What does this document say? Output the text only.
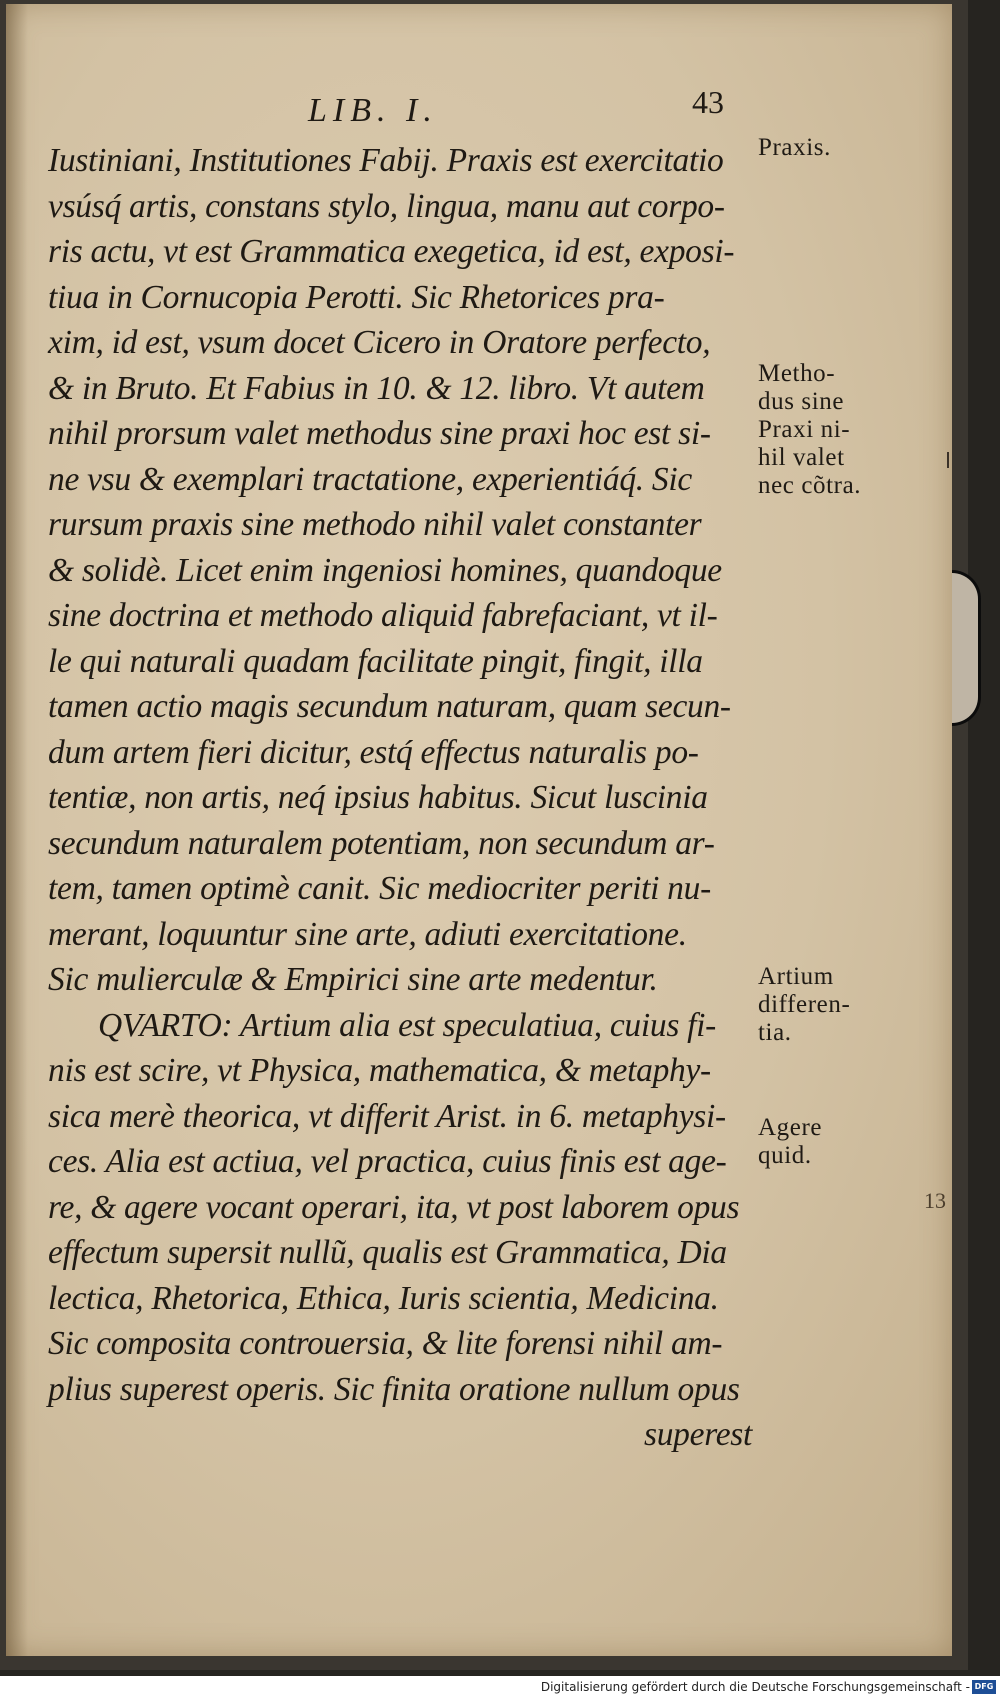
LIB. I.	43
Iustiniani, Institutiones Fabij. Praxis est exercitatio
vsúsq́ artis, constans stylo, lingua, manu aut corpo-
ris actu, vt est Grammatica exegetica, id est, exposi-
tiua in Cornucopia Perotti. Sic Rhetorices pra-
xim, id est, vsum docet Cicero in Oratore perfecto,
& in Bruto. Et Fabius in 10. & 12. libro. Vt autem
nihil prorsum valet methodus sine praxi hoc est si-
ne vsu & exemplari tractatione, experientiáq́. Sic
rursum praxis sine methodo nihil valet constanter
& solidè. Licet enim ingeniosi homines, quandoque
sine doctrina et methodo aliquid fabrefaciant, vt il-
le qui naturali quadam facilitate pingit, fingit, illa
tamen actio magis secundum naturam, quam secun-
dum artem fieri dicitur, estq́ effectus naturalis po-
tentiæ, non artis, neq́ ipsius habitus. Sicut luscinia
secundum naturalem potentiam, non secundum ar-
tem, tamen optimè canit. Sic mediocriter periti nu-
merant, loquuntur sine arte, adiuti exercitatione.
Sic mulierculæ & Empirici sine arte medentur.
QVARTO: Artium alia est speculatiua, cuius fi-
nis est scire, vt Physica, mathematica, & metaphy-
sica merè theorica, vt differit Arist. in 6. metaphysi-
ces. Alia est actiua, vel practica, cuius finis est age-
re, & agere vocant operari, ita, vt post laborem opus
effectum supersit nullũ, qualis est Grammatica, Dia
lectica, Rhetorica, Ethica, Iuris scientia, Medicina.
Sic composita controuersia, & lite forensi nihil am-
plius superest operis. Sic finita oratione nullum opus
superest
Praxis.
Metho-
dus sine
Praxi ni-
hil valet
nec cõtra.
Artium
differen-
tia.
Agere
quid.
13
Digitalisierung gefördert durch die Deutsche Forschungsgemeinschaft - DFG
